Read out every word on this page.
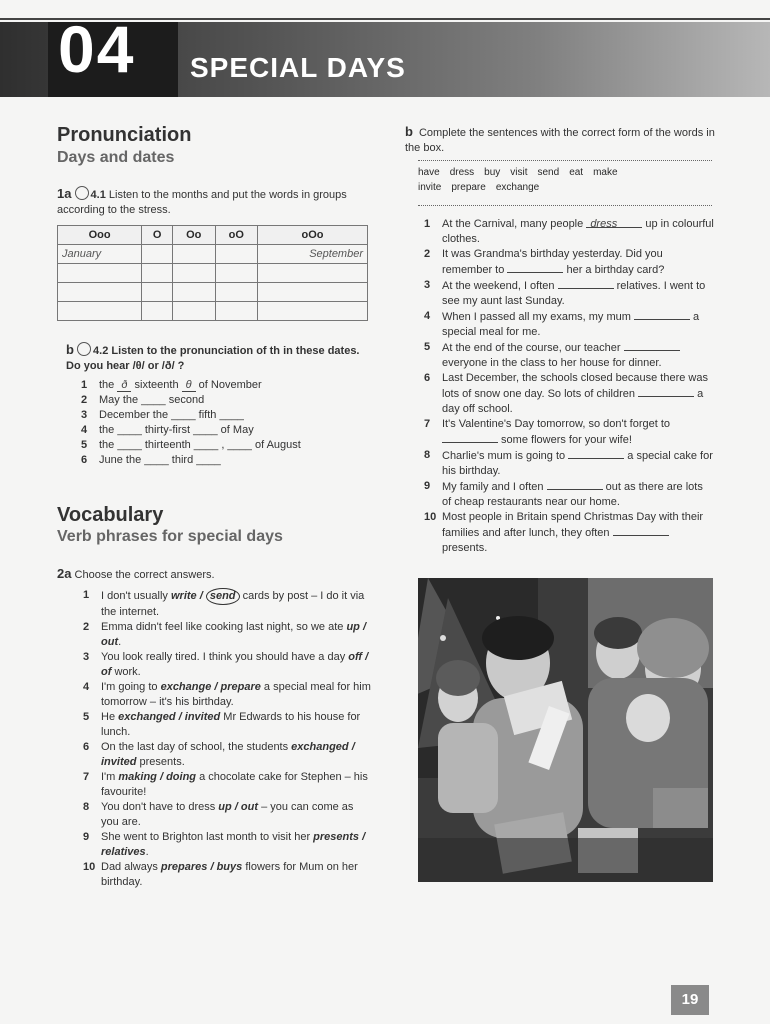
04 SPECIAL DAYS
Pronunciation
Days and dates
1a 4.1 Listen to the months and put the words in groups according to the stress.
Ooo	O	Oo	oO	oOo
January				September

b 4.2 Listen to the pronunciation of th in these dates. Do you hear /θ/ or /ð/ ?
1 the ð sixteenth θ of November
2 May the ____ second
3 December the ____ fifth ____
4 the ____ thirty-first ____ of May
5 the ____ thirteenth ____ , ____ of August
6 June the ____ third ____
Vocabulary
Verb phrases for special days
2a Choose the correct answers.
1 I don't usually write / send cards by post – I do it via the internet.
2 Emma didn't feel like cooking last night, so we ate up / out.
3 You look really tired. I think you should have a day off / of work.
4 I'm going to exchange / prepare a special meal for him tomorrow – it's his birthday.
5 He exchanged / invited Mr Edwards to his house for lunch.
6 On the last day of school, the students exchanged / invited presents.
7 I'm making / doing a chocolate cake for Stephen – his favourite!
8 You don't have to dress up / out – you can come as you are.
9 She went to Brighton last month to visit her presents / relatives.
10 Dad always prepares / buys flowers for Mum on her birthday.
b Complete the sentences with the correct form of the words in the box.
have dress buy visit send eat make
invite prepare exchange
1 At the Carnival, many people dress up in colourful clothes.
2 It was Grandma's birthday yesterday. Did you remember to	her a birthday card?
3 At the weekend, I often	relatives. I went to see my aunt last Sunday.
4 When I passed all my exams, my mum	a special meal for me.
5 At the end of the course, our teacher  everyone in the class to her house for dinner.
6 Last December, the schools closed because there was lots of snow one day. So lots of children	a day off school.
7 It's Valentine's Day tomorrow, so don't forget to  some flowers for your wife!
8 Charlie's mum is going to	a special cake for his birthday.
9 My family and I often	out as there are lots of cheap restaurants near our home.
10 Most people in Britain spend Christmas Day with their families and after lunch, they often  presents.
19
